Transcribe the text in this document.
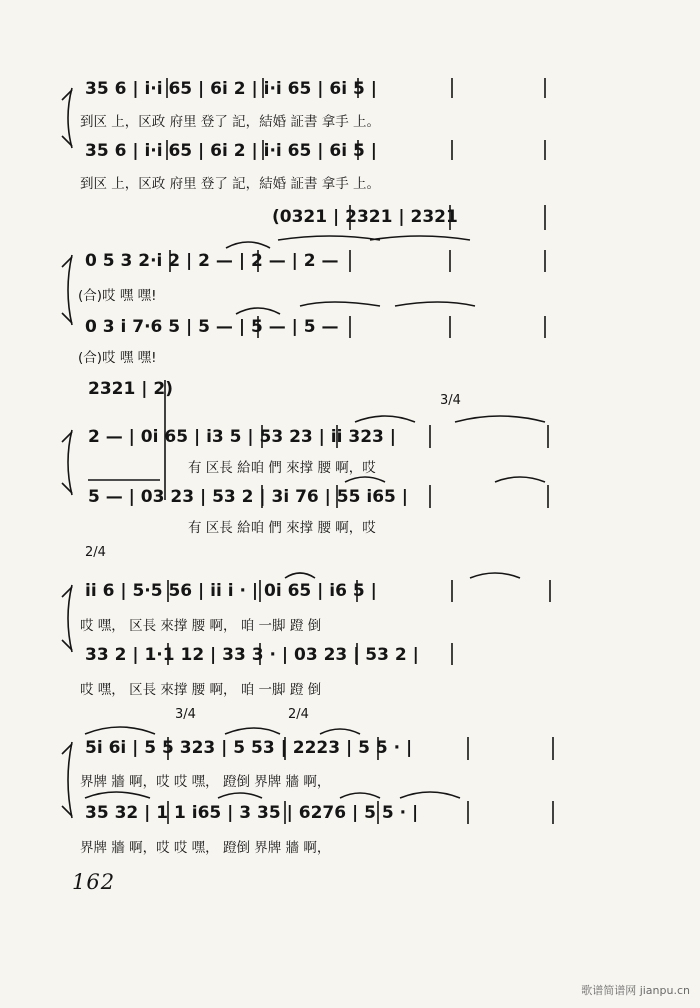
35 6 | i·i 65 | 6i 2 | i·i 65 | 6i 5 |
35 6 | i·i 65 | 6i 2 | i·i 65 | 6i 5 |
(0321 | 2321 | 2321
0 5 3 2·i 2 | 2 — | 2 — | 2 —
0 3 i 7·6 5 | 5 — | 5 — | 5 —
2321 | 2)
2 — | 0i 65 | i3 5 | 53 23 | ii 323 |
5 — | 03 23 | 53 2 | 3i 76 | 55 i65 |
ii 6 | 5·5 56 | ii i · | 0i 65 | i6 5 |
33 2 | 1·1 12 | 33 3 · | 03 23 | 53 2 |
5i 6i | 5 5 323 | 5 53 | 2223 | 5 5 · |
35 32 | 1 1 i65 | 3 35 | 6276 | 5 5 · |
3/4
2/4
3/4	2/4
到区 上，区政 府里 登了 記，結婚 証書 拿手 上。
到区 上，区政 府里 登了 記，結婚 証書 拿手 上。
(合)哎 嘿 嘿!
(合)哎 嘿 嘿!
有 区長 給咱 們 來撑 腰 啊，哎
有 区長 給咱 們 來撑 腰 啊，哎
哎 嘿， 区長 來撑 腰 啊， 咱 一脚 蹬 倒
哎 嘿， 区長 來撑 腰 啊， 咱 一脚 蹬 倒
界牌 牆 啊，哎 哎 嘿， 蹬倒 界牌 牆 啊，
界牌 牆 啊，哎 哎 嘿， 蹬倒 界牌 牆 啊，
162
歌谱简谱网 jianpu.cn
